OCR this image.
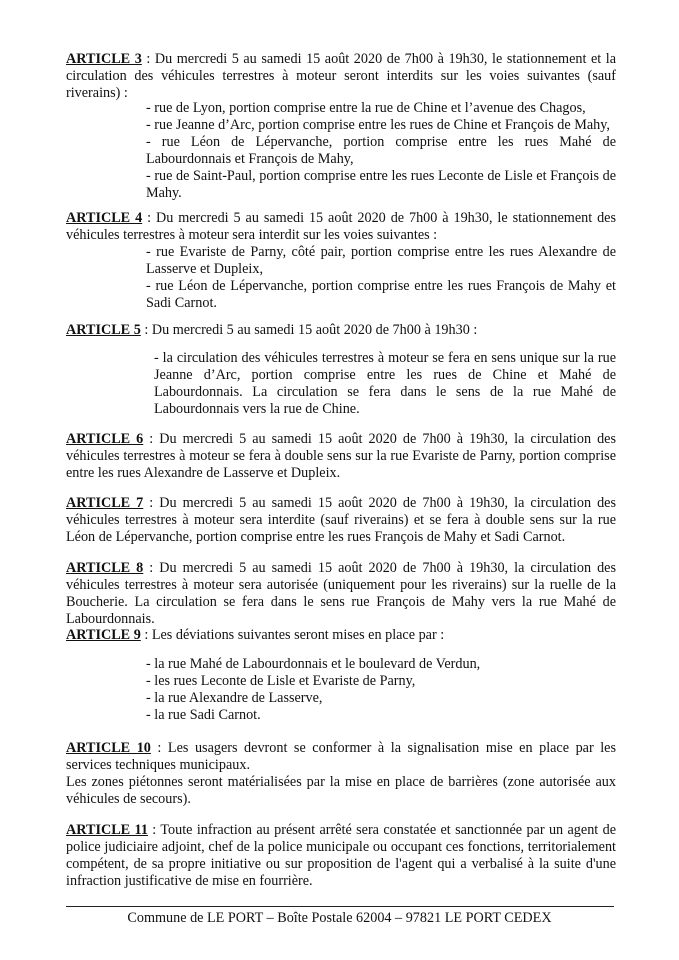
ARTICLE 3 : Du mercredi 5 au samedi 15 août 2020 de 7h00 à 19h30, le stationnement et la circulation des véhicules terrestres à moteur seront interdits sur les voies suivantes (sauf riverains) :
- rue de Lyon, portion comprise entre la rue de Chine et l’avenue des Chagos,
- rue Jeanne d’Arc, portion comprise entre les rues de Chine et François de Mahy,
- rue Léon de Lépervanche, portion comprise entre les rues Mahé de Labourdonnais et François de Mahy,
- rue de Saint-Paul, portion comprise entre les rues Leconte de Lisle et François de Mahy.
ARTICLE 4 : Du mercredi 5 au samedi 15 août 2020 de 7h00 à 19h30, le stationnement des véhicules terrestres à moteur sera interdit sur les voies suivantes :
- rue Evariste de Parny, côté pair, portion comprise entre les rues Alexandre de Lasserve et Dupleix,
- rue Léon de Lépervanche, portion comprise entre les rues François de Mahy et Sadi Carnot.
ARTICLE 5 : Du mercredi 5 au samedi 15 août 2020 de 7h00 à 19h30 :
- la circulation des véhicules terrestres à moteur se fera en sens unique sur la rue Jeanne d’Arc, portion comprise entre les rues de Chine et Mahé de Labourdonnais. La circulation se fera dans le sens de la rue Mahé de Labourdonnais vers la rue de Chine.
ARTICLE 6 : Du mercredi 5 au samedi 15 août 2020 de 7h00 à 19h30, la circulation des véhicules terrestres à moteur se fera à double sens sur la rue Evariste de Parny, portion comprise entre les rues Alexandre de Lasserve et Dupleix.
ARTICLE 7 : Du mercredi 5 au samedi 15 août 2020 de 7h00 à 19h30, la circulation des véhicules terrestres à moteur sera interdite (sauf riverains) et se fera à double sens sur la rue Léon de Lépervanche, portion comprise entre les rues François de Mahy et Sadi Carnot.
ARTICLE 8 : Du mercredi 5 au samedi 15 août 2020 de 7h00 à 19h30, la circulation des véhicules terrestres à moteur sera autorisée (uniquement pour les riverains) sur la ruelle de la Boucherie. La circulation se fera dans le sens rue François de Mahy vers la rue Mahé de Labourdonnais.
ARTICLE 9 : Les déviations suivantes seront mises en place par :
- la rue Mahé de Labourdonnais et le boulevard de Verdun,
- les rues Leconte de Lisle et Evariste de Parny,
- la rue Alexandre de Lasserve,
- la rue Sadi Carnot.
ARTICLE 10 : Les usagers devront se conformer à la signalisation mise en place par les services techniques municipaux.
Les zones piétonnes seront matérialisées par la mise en place de barrières (zone autorisée aux véhicules de secours).
ARTICLE 11 : Toute infraction au présent arrêté sera constatée et sanctionnée par un agent de police judiciaire adjoint, chef de la police municipale ou occupant ces fonctions, territorialement compétent, de sa propre initiative ou sur proposition de l'agent qui a verbalisé à la suite d'une infraction justificative de mise en fourrière.
Commune de LE PORT – Boîte Postale 62004 – 97821 LE PORT CEDEX
